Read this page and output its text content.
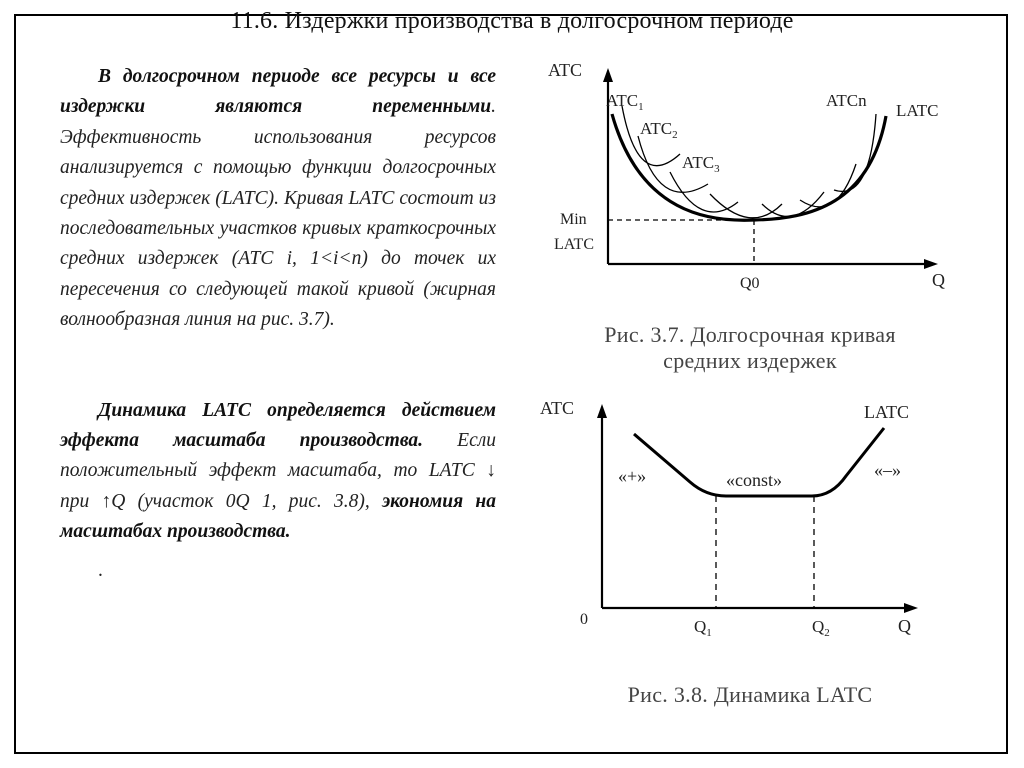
11.6. Издержки производства в долгосрочном периоде

В долгосрочном периоде все ресурсы и все издержки являются переменными. Эффективность использования ресурсов анализируется с помощью функции долгосрочных средних издержек (LATC). Кривая LATC состоит из последовательных участков кривых краткосрочных средних издержек (ATC i, 1<i<n) до точек их пересечения со следующей такой кривой (жирная волнообразная линия на рис. 3.7).

Динамика LATC определяется действием эффекта масштаба производства. Если положительный эффект масштаба, то LATC ↓ при ↑Q (участок 0Q 1, рис. 3.8), экономия на масштабах производства.

.
ATC
Q
Min
LATC
Q0
$ATC_1$
$ATC_2$
$ATC_3$
ATCn
LATC
Рис. 3.7. Долгосрочная кривая
средних издержек
ATC
Q
0	$Q_1$	$Q_2$
LATC
«+»	«const»	«–»
Рис. 3.8. Динамика LATC
